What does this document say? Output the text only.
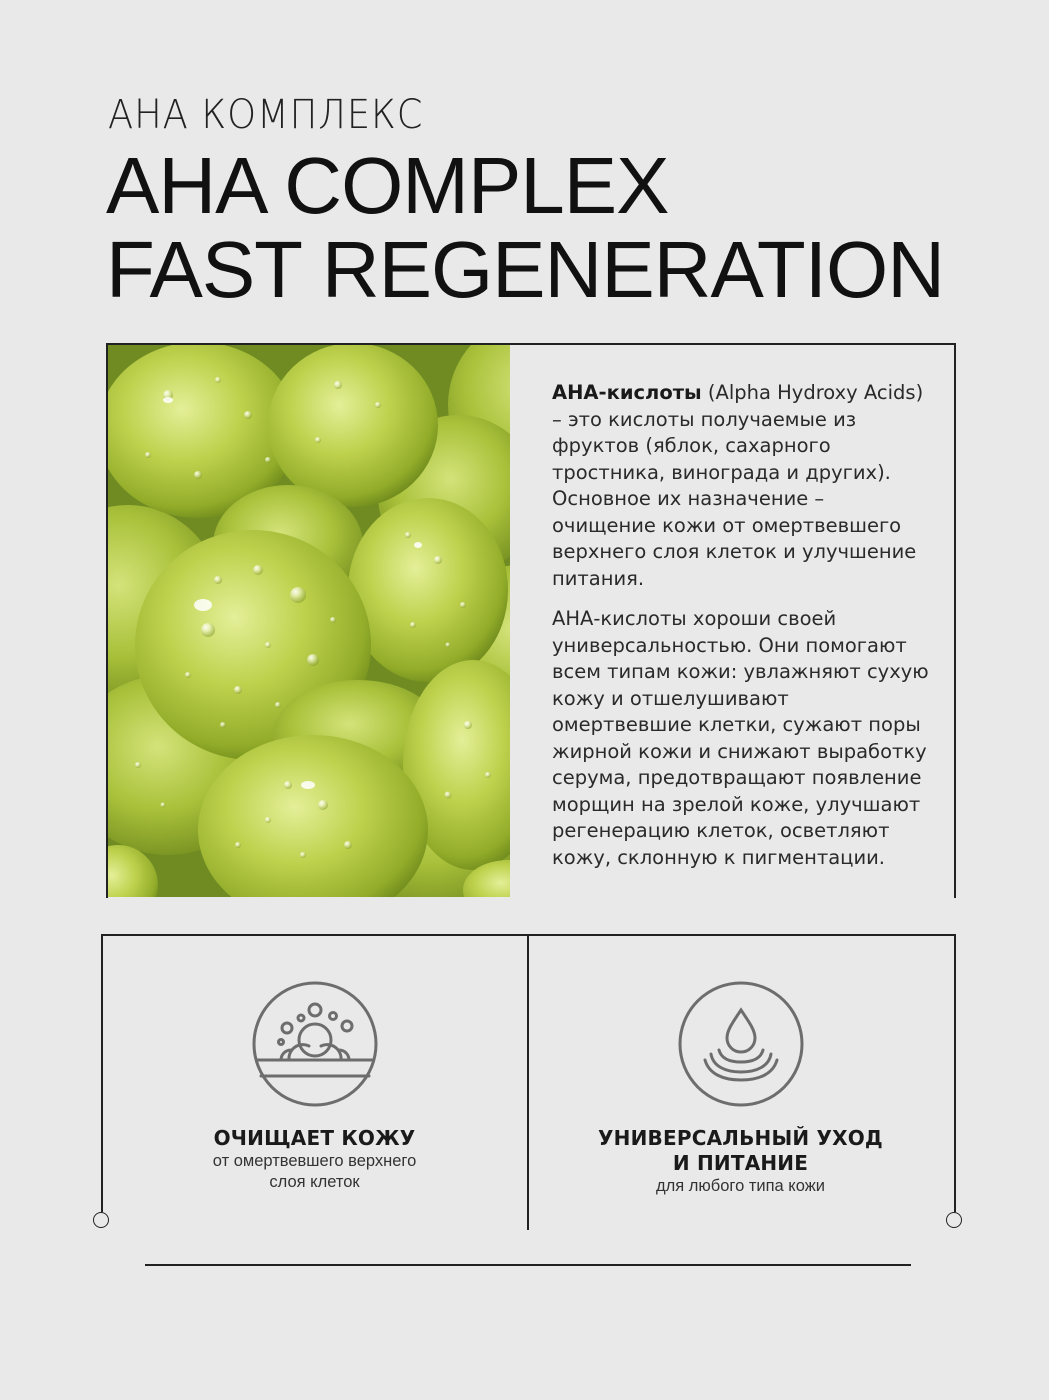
АНА КОМПЛЕКС
AHA COMPLEX
FAST REGENERATION

АНА-кислоты (Alpha Hydroxy Acids) – это кислоты получаемые из фруктов (яблок, сахарного тростника, винограда и других). Основное их назначение – очищение кожи от омертвевшего верхнего слоя клеток и улучшение питания.

АНА-кислоты хороши своей универсальностью. Они помогают всем типам кожи: увлажняют сухую кожу и отшелушивают омертвевшие клетки, сужают поры жирной кожи и снижают выработку серума, предотвращают появление морщин на зрелой коже, улучшают регенерацию клеток, осветляют кожу, склонную к пигментации.

ОЧИЩАЕТ КОЖУ
от омертвевшего верхнего
слоя клеток
УНИВЕРСАЛЬНЫЙ УХОД
И ПИТАНИЕ
для любого типа кожи
